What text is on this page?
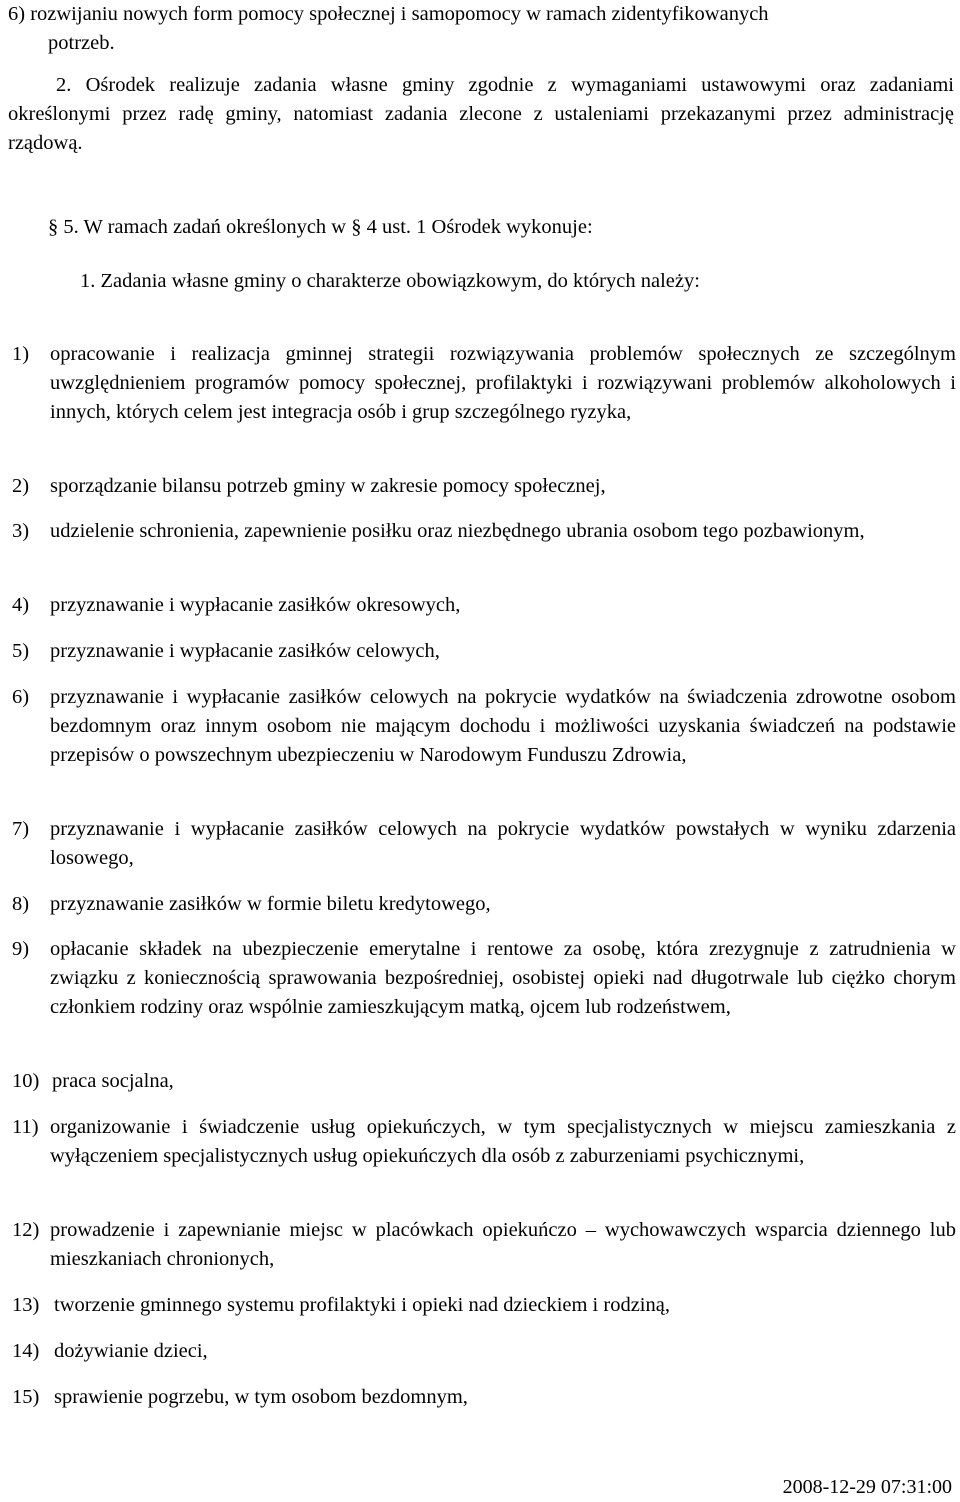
6) rozwijaniu nowych form pomocy społecznej i samopomocy w ramach zidentyfikowanych
potrzeb.
2. Ośrodek realizuje zadania własne gminy zgodnie z wymaganiami ustawowymi oraz zadaniami określonymi przez radę gminy, natomiast zadania zlecone z ustaleniami przekazanymi przez administrację rządową.
§ 5. W ramach zadań określonych w § 4 ust. 1 Ośrodek wykonuje:
1. Zadania własne gminy o charakterze obowiązkowym, do których należy:
1)	opracowanie i realizacja gminnej strategii rozwiązywania problemów społecznych ze szczególnym uwzględnieniem programów pomocy społecznej, profilaktyki i rozwiązywani problemów alkoholowych i innych, których celem jest integracja osób i grup szczególnego ryzyka,
2)	sporządzanie bilansu potrzeb gminy w zakresie pomocy społecznej,
3)	udzielenie schronienia, zapewnienie posiłku oraz niezbędnego ubrania osobom tego pozbawionym,
4)	przyznawanie i wypłacanie zasiłków okresowych,
5)	przyznawanie i wypłacanie zasiłków celowych,
6)	przyznawanie i wypłacanie zasiłków celowych na pokrycie wydatków na świadczenia zdrowotne osobom bezdomnym oraz innym osobom nie mającym dochodu i możliwości uzyskania świadczeń na podstawie przepisów o powszechnym ubezpieczeniu w Narodowym Funduszu Zdrowia,
7)	przyznawanie i wypłacanie zasiłków celowych na pokrycie wydatków powstałych w wyniku zdarzenia losowego,
8)	przyznawanie zasiłków w formie biletu kredytowego,
9)	opłacanie składek na ubezpieczenie emerytalne i rentowe za osobę, która zrezygnuje z zatrudnienia w związku z koniecznością sprawowania bezpośredniej, osobistej opieki nad długotrwale lub ciężko chorym członkiem rodziny oraz wspólnie zamieszkującym matką, ojcem lub rodzeństwem,
10) praca socjalna,
11) organizowanie i świadczenie usług opiekuńczych, w tym specjalistycznych w miejscu zamieszkania z wyłączeniem specjalistycznych usług opiekuńczych dla osób z zaburzeniami psychicznymi,
12) prowadzenie i zapewnianie miejsc w placówkach opiekuńczo – wychowawczych wsparcia dziennego lub mieszkaniach chronionych,
13) tworzenie gminnego systemu profilaktyki i opieki nad dzieckiem i rodziną,
14) dożywianie dzieci,
15) sprawienie pogrzebu, w tym osobom bezdomnym,
2008-12-29 07:31:00
